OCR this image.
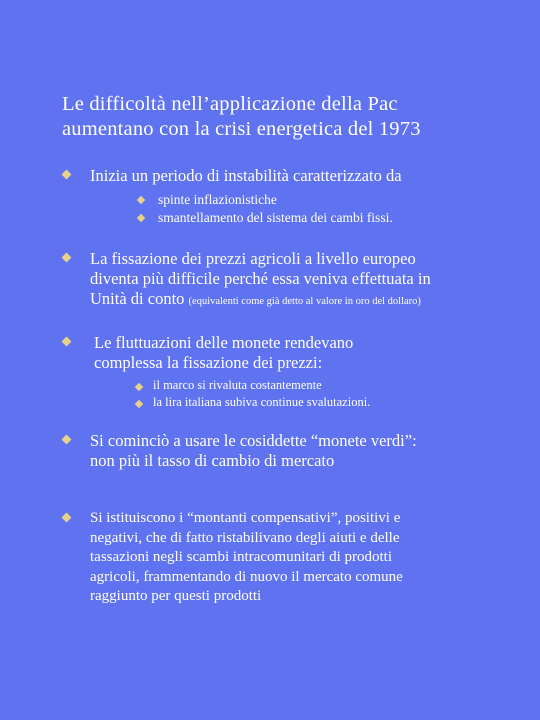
Le difficoltà nell’applicazione della Pac
aumentano con la crisi energetica del 1973
Inizia un periodo di instabilità caratterizzato da
spinte inflazionistiche
smantellamento del sistema dei cambi fissi.
La fissazione dei prezzi agricoli a livello europeo
diventa più difficile perché essa veniva effettuata in
Unità di conto (equivalenti come già detto al valore in oro del dollaro)
Le fluttuazioni delle monete rendevano
complessa la fissazione dei prezzi:
il marco si rivaluta costantemente
la lira italiana subiva continue svalutazioni.
Si cominciò a usare le cosiddette “monete verdi”:
non più il tasso di cambio di mercato
Si istituiscono i “montanti compensativi”, positivi e
negativi, che di fatto ristabilivano degli aiuti e delle
tassazioni negli scambi intracomunitari di prodotti
agricoli, frammentando di nuovo il mercato comune
raggiunto per questi prodotti
